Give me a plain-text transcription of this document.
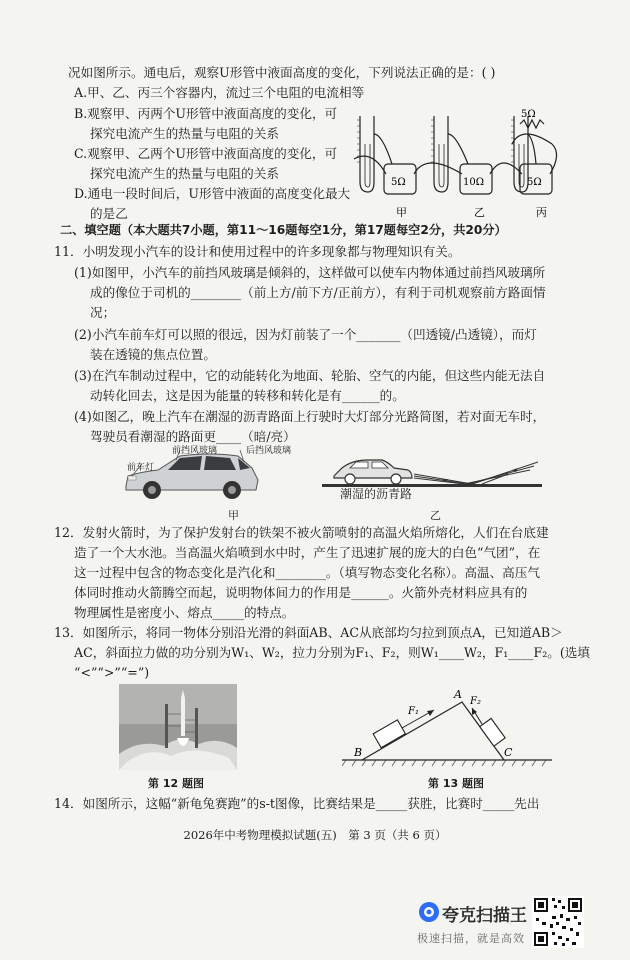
况如图所示。通电后，观察U形管中液面高度的变化，下列说法正确的是：( )
A.甲、乙、丙三个容器内，流过三个电阻的电流相等
B.观察甲、丙两个U形管中液面高度的变化，可
探究电流产生的热量与电阻的关系
C.观察甲、乙两个U形管中液面高度的变化，可
探究电流产生的热量与电阻的关系
D.通电一段时间后，U形管中液面的高度变化最大
的是乙
5Ω
5Ω	10Ω	5Ω
甲	乙	丙
二、填空题（本大题共7小题，第11～16题每空1分，第17题每空2分，共20分）
11．小明发现小汽车的设计和使用过程中的许多现象都与物理知识有关。
(1)如图甲，小汽车的前挡风玻璃是倾斜的，这样做可以使车内物体通过前挡风玻璃所
成的像位于司机的________（前上方/前下方/正前方），有利于司机观察前方路面情
况；
(2)小汽车前车灯可以照的很远，因为灯前装了一个_______（凹透镜/凸透镜），而灯
装在透镜的焦点位置。
(3)在汽车制动过程中，它的动能转化为地面、轮胎、空气的内能，但这些内能无法自
动转化回去，这是因为能量的转移和转化是有______的。
(4)如图乙，晚上汽车在潮湿的沥青路面上行驶时大灯部分光路简图，若对面无车时，
驾驶员看潮湿的路面更____（暗/亮）
前挡风玻璃	后挡风玻璃
前车灯
甲
潮湿的沥青路
乙
12．发射火箭时，为了保护发射台的铁架不被火箭喷射的高温火焰所熔化，人们在台底建
造了一个大水池。当高温火焰喷到水中时，产生了迅速扩展的庞大的白色“气团”，在
这一过程中包含的物态变化是汽化和________。（填写物态变化名称）。高温、高压气
体同时推动火箭腾空而起，说明物体间力的作用是______。火箭外壳材料应具有的
物理属性是密度小、熔点_____的特点。
13．如图所示，将同一物体分别沿光滑的斜面AB、AC从底部均匀拉到顶点A，已知道AB＞
AC，斜面拉力做的功分别为W₁、W₂，拉力分别为F₁、F₂，则W₁____W₂，F₁____F₂。(选填
“<”“>”“=”)
第 12 题图
F₁
F₂
A
B	C
第 13 题图
14．如图所示，这幅“新龟兔赛跑”的s-t图像，比赛结果是_____获胜，比赛时_____先出
2026年中考物理模拟试题(五)　第 3 页（共 6 页）
夸克扫描王
极速扫描，就是高效
